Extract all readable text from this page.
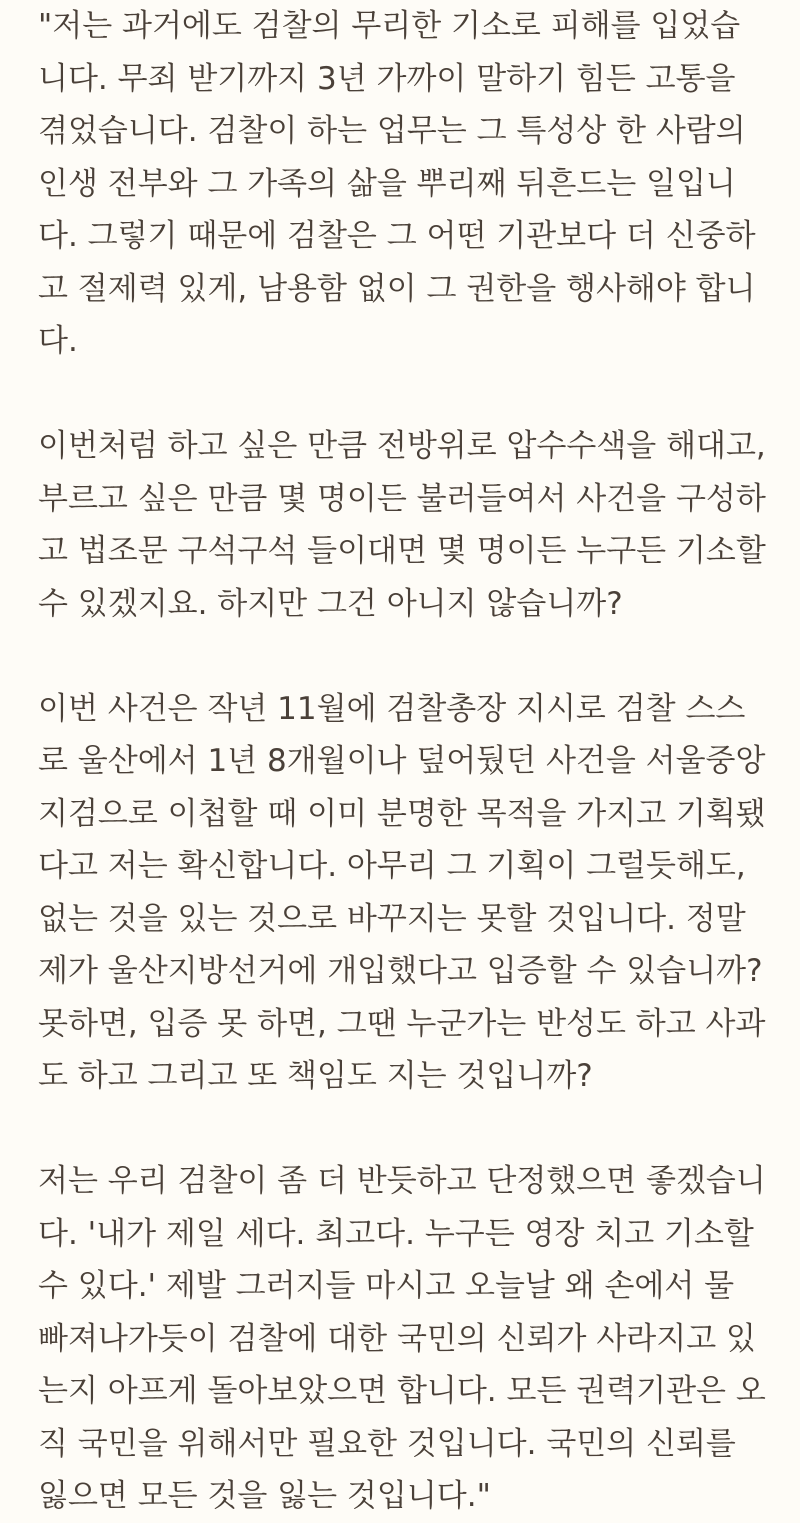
"저는 과거에도 검찰의 무리한 기소로 피해를 입었습
니다. 무죄 받기까지 3년 가까이 말하기 힘든 고통을
겪었습니다. 검찰이 하는 업무는 그 특성상 한 사람의
인생 전부와 그 가족의 삶을 뿌리째 뒤흔드는 일입니
다. 그렇기 때문에 검찰은 그 어떤 기관보다 더 신중하
고 절제력 있게, 남용함 없이 그 권한을 행사해야 합니
다.
이번처럼 하고 싶은 만큼 전방위로 압수수색을 해대고,
부르고 싶은 만큼 몇 명이든 불러들여서 사건을 구성하
고 법조문 구석구석 들이대면 몇 명이든 누구든 기소할
수 있겠지요. 하지만 그건 아니지 않습니까?
이번 사건은 작년 11월에 검찰총장 지시로 검찰 스스
로 울산에서 1년 8개월이나 덮어뒀던 사건을 서울중앙
지검으로 이첩할 때 이미 분명한 목적을 가지고 기획됐
다고 저는 확신합니다. 아무리 그 기획이 그럴듯해도,
없는 것을 있는 것으로 바꾸지는 못할 것입니다. 정말
제가 울산지방선거에 개입했다고 입증할 수 있습니까?
못하면, 입증 못 하면, 그땐 누군가는 반성도 하고 사과
도 하고 그리고 또 책임도 지는 것입니까?
저는 우리 검찰이 좀 더 반듯하고 단정했으면 좋겠습니
다. '내가 제일 세다. 최고다. 누구든 영장 치고 기소할
수 있다.' 제발 그러지들 마시고 오늘날 왜 손에서 물
빠져나가듯이 검찰에 대한 국민의 신뢰가 사라지고 있
는지 아프게 돌아보았으면 합니다. 모든 권력기관은 오
직 국민을 위해서만 필요한 것입니다. 국민의 신뢰를
잃으면 모든 것을 잃는 것입니다."
